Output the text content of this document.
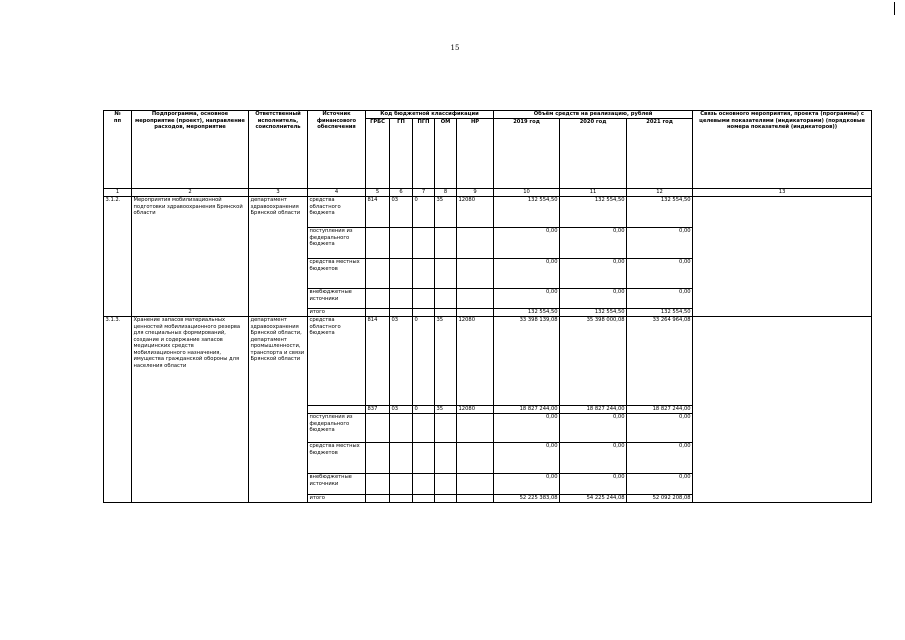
15
№
пп	Подпрограмма, основное мероприятие (проект), направление расходов, мероприятие	Ответственный исполнитель, соисполнитель	Источник финансового обеспечения	Код бюджетной классификации					Объём средств на реализацию, рублей			Связь основного мероприятия, проекта (программы) с целевыми показателями (индикаторами) (порядковые номера показателей (индикаторов))
				ГРБС	ГП	ПГП	ОМ	НР	2019 год	2020 год	2021 год	
1	2	3	4	5	6	7	8	9	10	11	12	13
3.1.2.	Мероприятия мобилизационной подготовки здравоохранения Брянской области	департамент здравоохранения Брянской области	средства областного бюджета	814	03	0	35	12080	132 554,50	132 554,50	132 554,50	
			поступления из федерального бюджета						0,00	0,00	0,00	
			средства местных бюджетов						0,00	0,00	0,00	
			внебюджетные источники						0,00	0,00	0,00	
			итого						132 554,50	132 554,50	132 554,50	
3.1.3.	Хранение запасов материальных ценностей мобилизационного резерва для специальных формирований, создание и содержание запасов медицинских средств мобилизационного назначения, имущества гражданской обороны для населения области	департамент здравоохранения Брянской области, департамент промышленности, транспорта и связи Брянской области	средства областного бюджета	814	03	0	35	12080	33 398 139,08	35 398 000,08	33 264 964,08	
				837	03	0	35	12080	18 827 244,00	18 827 244,00	18 827 244,00	
			поступления из федерального бюджета						0,00	0,00	0,00	
			средства местных бюджетов						0,00	0,00	0,00	
			внебюджетные источники						0,00	0,00	0,00	
			итого						52 225 383,08	54 225 244,08	52 092 208,08	
